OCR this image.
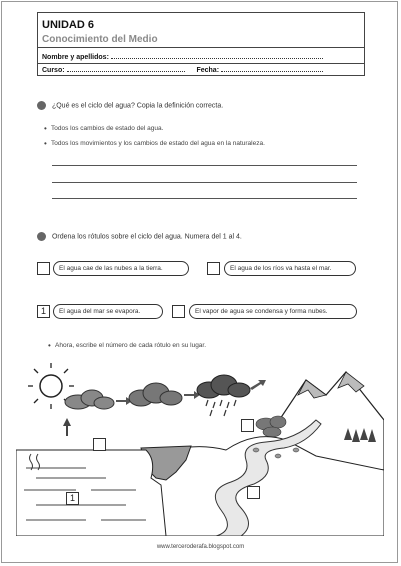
UNIDAD 6
Conocimiento del Medio
Nombre y apellidos:
Curso:	Fecha:
¿Qué es el ciclo del agua? Copia la definición correcta.
• Todos los cambios de estado del agua.
• Todos los movimientos y los cambios de estado del agua en la naturaleza.
Ordena los rótulos sobre el ciclo del agua. Numera del 1 al 4.
El agua cae de las nubes a la tierra.	El agua de los ríos va hasta el mar.
1	El agua del mar se evapora.	El vapor de agua se condensa y forma nubes.
• Ahora, escribe el número de cada rótulo en su lugar.
1
www.terceroderafa.blogspot.com
